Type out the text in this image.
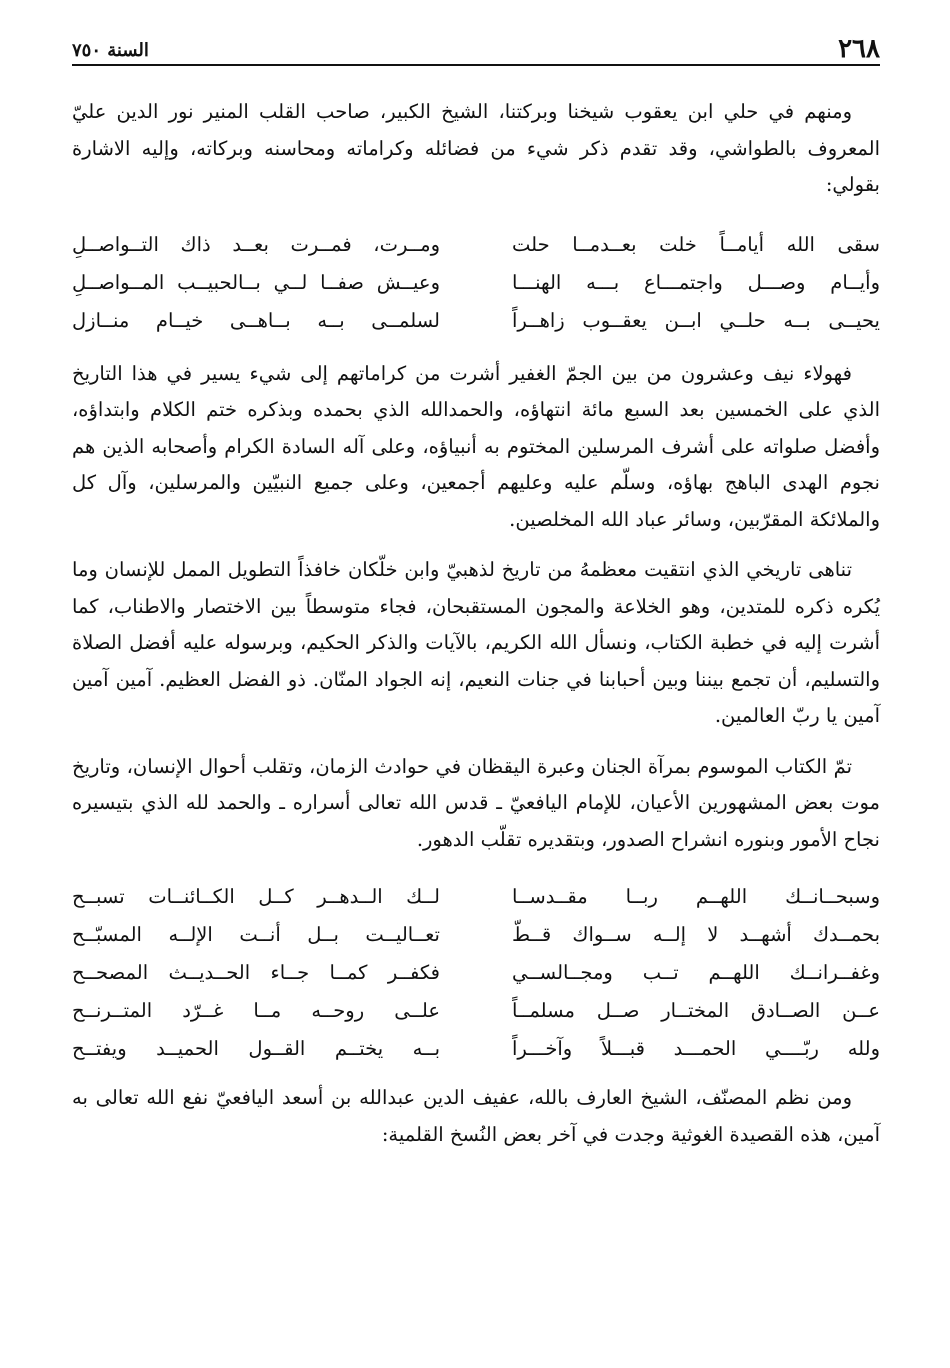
٢٦٨
السنة ٧٥٠

ومنهم في حلي ابن يعقوب شيخنا وبركتنا، الشيخ الكبير، صاحب القلب المنير نور الدين عليّ المعروف بالطواشي، وقد تقدم ذكر شيء من فضائله وكراماته ومحاسنه وبركاته، وإليه الاشارة بقولي:

سقى الله أيامــاً خلت بعــدمــا حلت
ومــرت، فمــرت بعــد ذاك التــواصــلِ
وأيــام وصـــل واجتمـــاع بـــه الهنـــا
وعيــش صفــا لــي بــالحبيــب المــواصــلِ
يحيــى بــه حلــي ابــن يعقــوب زاهــراً
لسلمــى بــه بــاهــى خيــام منــازل

فهولاء نيف وعشرون من بين الجمّ الغفير أشرت من كراماتهم إلى شيء يسير في هذا التاريخ الذي على الخمسين بعد السبع مائة انتهاؤه، والحمدالله الذي بحمده وبذكره ختم الكلام وابتداؤه، وأفضل صلواته على أشرف المرسلين المختوم به أنبياؤه، وعلى آله السادة الكرام وأصحابه الذين هم نجوم الهدى الباهج بهاؤه، وسلّم عليه وعليهم أجمعين، وعلى جميع النبيّين والمرسلين، وآل كل والملائكة المقرّبين، وسائر عباد الله المخلصين.

تناهى تاريخي الذي انتقيت معظمهُ من تاريخ لذهبيّ وابن خلّكان خافذاً التطويل الممل للإنسان وما يُكره ذكره للمتدين، وهو الخلاعة والمجون المستقبحان، فجاء متوسطاً بين الاختصار والاطناب، كما أشرت إليه في خطبة الكتاب، ونسأل الله الكريم، بالآيات والذكر الحكيم، وبرسوله عليه أفضل الصلاة والتسليم، أن تجمع بيننا وبين أحبابنا في جنات النعيم، إنه الجواد المنّان. ذو الفضل العظيم. آمين آمين آمين يا ربّ العالمين.

تمّ الكتاب الموسوم بمرآة الجنان وعبرة اليقظان في حوادث الزمان، وتقلب أحوال الإنسان، وتاريخ موت بعض المشهورين الأعيان، للإمام اليافعيّ ـ قدس الله تعالى أسراره ـ والحمد لله الذي بتيسيره نجاح الأمور وبنوره انشراح الصدور، وبتقديره تقلّب الدهور.

وسبحــانــك اللهــم ربــا مقــدســا
لــك الــدهــر كــل الكــائنــات تسبــح
بحمــدك أشهــد لا إلــه ســواك قــطّ
تعــاليــت بــل أنــت الإلــه المسبّــح
وغفــرانــك اللهــم تــب ومجــالســي
فكفــر كمــا جــاء الحــديــث المصحــح
عــن الصــادق المختــار صــل مسلمــاً
علــى روحــه مــا غــرّد المتــرنــح
ولله ربّــــي الحمـــد قبـــلاً وآخـــراً
بــه يختــم القــول الحميــد ويفتــح

ومن نظم المصنّف، الشيخ العارف بالله، عفيف الدين عبدالله بن أسعد اليافعيّ نفع الله تعالى به آمين، هذه القصيدة الغوثية وجدت في آخر بعض النُسخ القلمية:
